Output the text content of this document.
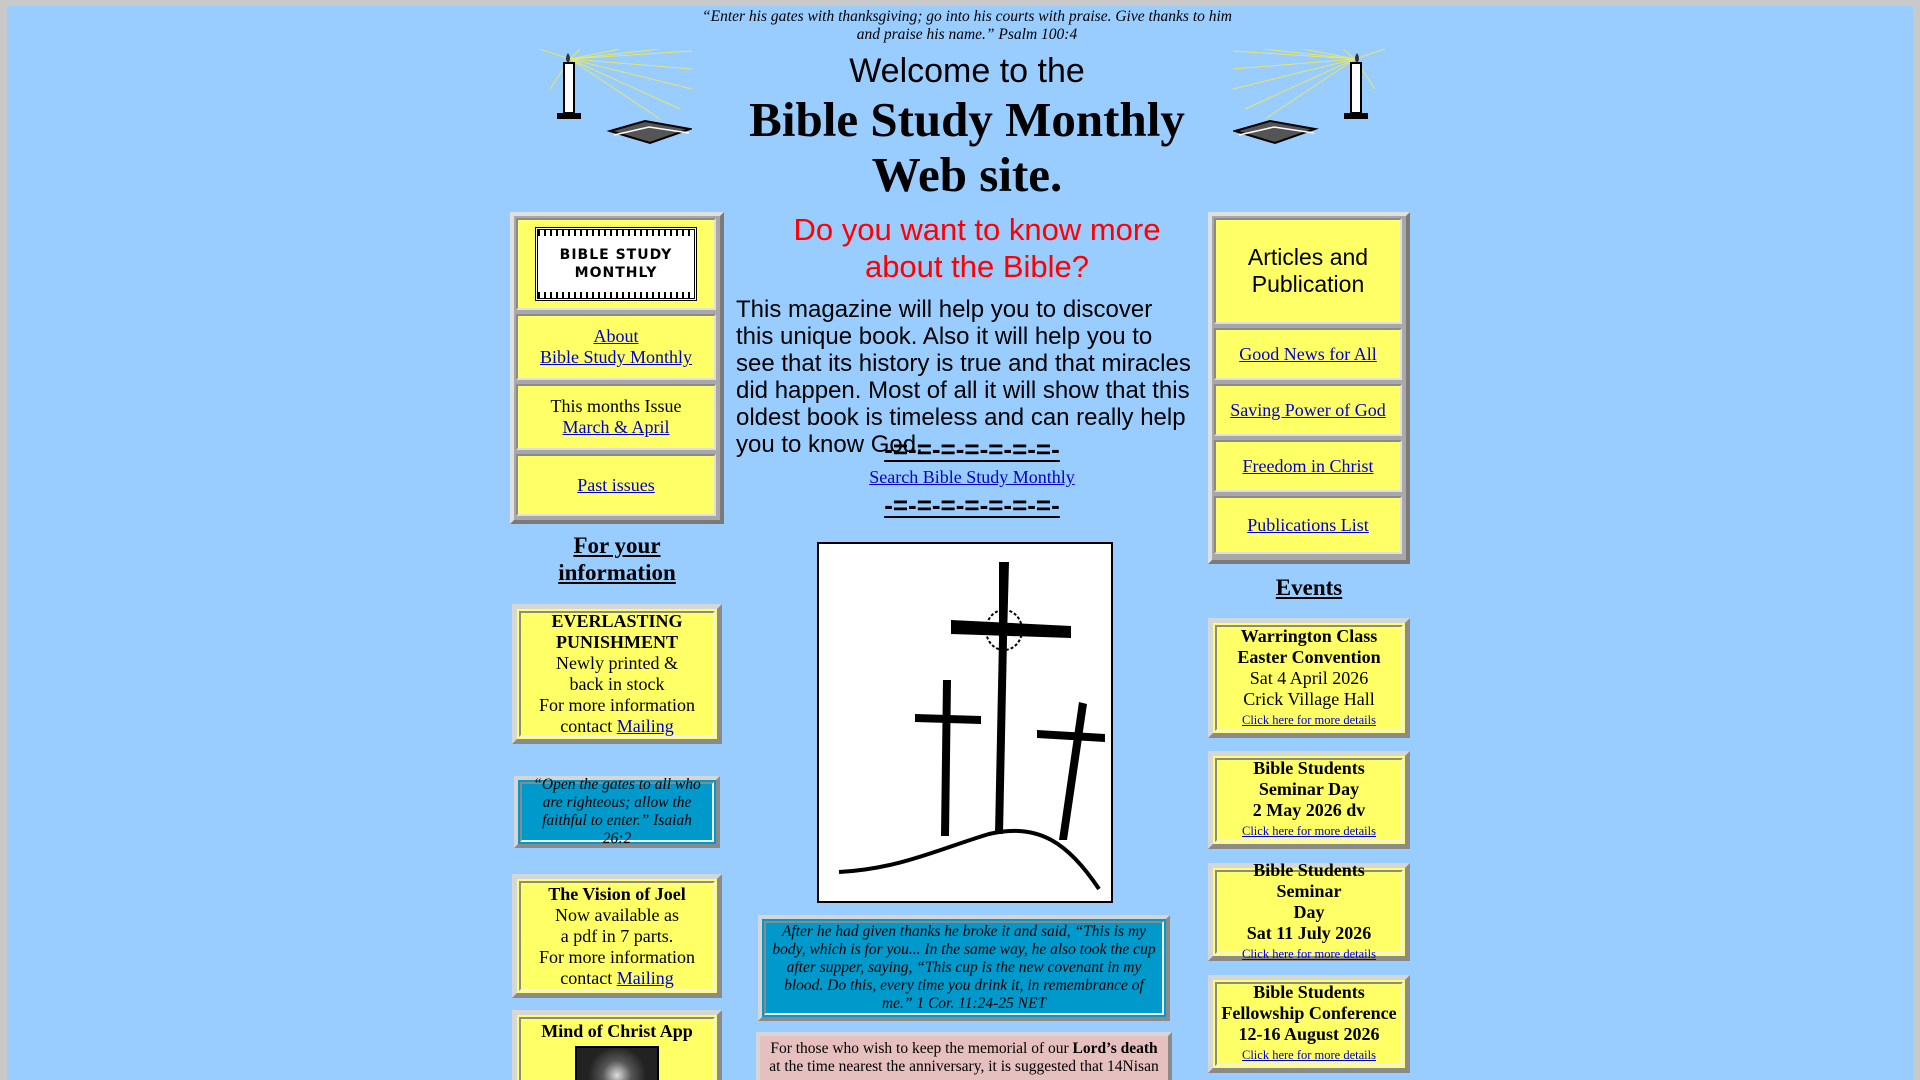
“Enter his gates with thanksgiving; go into his courts with praise. Give thanks to him and praise his name.” Psalm 100:4
Welcome to the
Bible Study Monthly
Web site.
BIBLE STUDY
MONTHLY
About
Bible Study Monthly
This months Issue
March & April
Past issues
For your
information
EVERLASTING
PUNISHMENT
Newly printed &
back in stock
For more information
contact Mailing
“Open the gates to all who are righteous; allow the faithful to enter.” Isaiah 26:2
The Vision of Joel
Now available as
a pdf in 7 parts.
For more information
contact Mailing
Mind of Christ App
Do you want to know more
about the Bible?
This magazine will help you to discover this unique book. Also it will help you to see that its history is true and that miracles did happen. Most of all it will show that this oldest book is timeless and can really help you to know God.
-=-=-=-=-=-=-=-
Search Bible Study Monthly
-=-=-=-=-=-=-=-
After he had given thanks he broke it and said, “This is my body, which is for you... In the same way, he also took the cup after supper, saying, “This cup is the new covenant in my blood. Do this, every time you drink it, in remembrance of me.” 1 Cor. 11:24-25 NET
For those who wish to keep the memorial of our Lord’s death at the time nearest the anniversary, it is suggested that 14Nisan
Articles and
Publication
Good News for All
Saving Power of God
Freedom in Christ
Publications List
Events
Warrington Class
Easter Convention
Sat 4 April 2026
Crick Village Hall
Click here for more details
Bible Students
Seminar Day
2 May 2026 dv
Click here for more details
Bible Students Seminar
Day
Sat 11 July 2026
Click here for more details
Bible Students
Fellowship Conference
12-16 August 2026
Click here for more details
